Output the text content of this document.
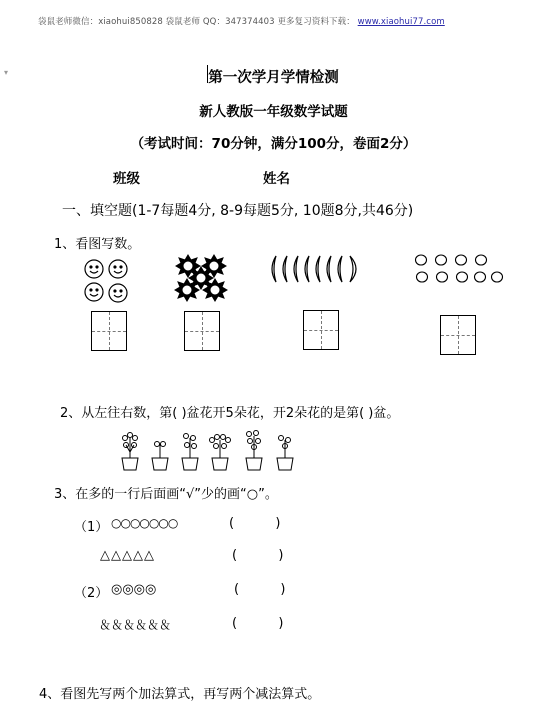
袋鼠老师微信：xiaohui850828 袋鼠老师 QQ：347374403 更多复习资料下载： www.xiaohui77.com
▾	第一次学月学情检测
新人教版一年级数学试题
（考试时间：70分钟，满分100分，卷面2分）
班级	姓名
一、填空题(1-7每题4分, 8-9每题5分, 10题8分,共46分)
1、看图写数。
2、从左往右数，第( )盆花开5朵花，开2朵花的是第( )盆。
3、在多的一行后面画“√”少的画“○”。
（1） ○○○○○○○	(          )
△△△△△	(          )
（2） ◎◎◎◎	(          )
＆＆＆＆＆＆	(          )
4、看图先写两个加法算式，再写两个减法算式。
